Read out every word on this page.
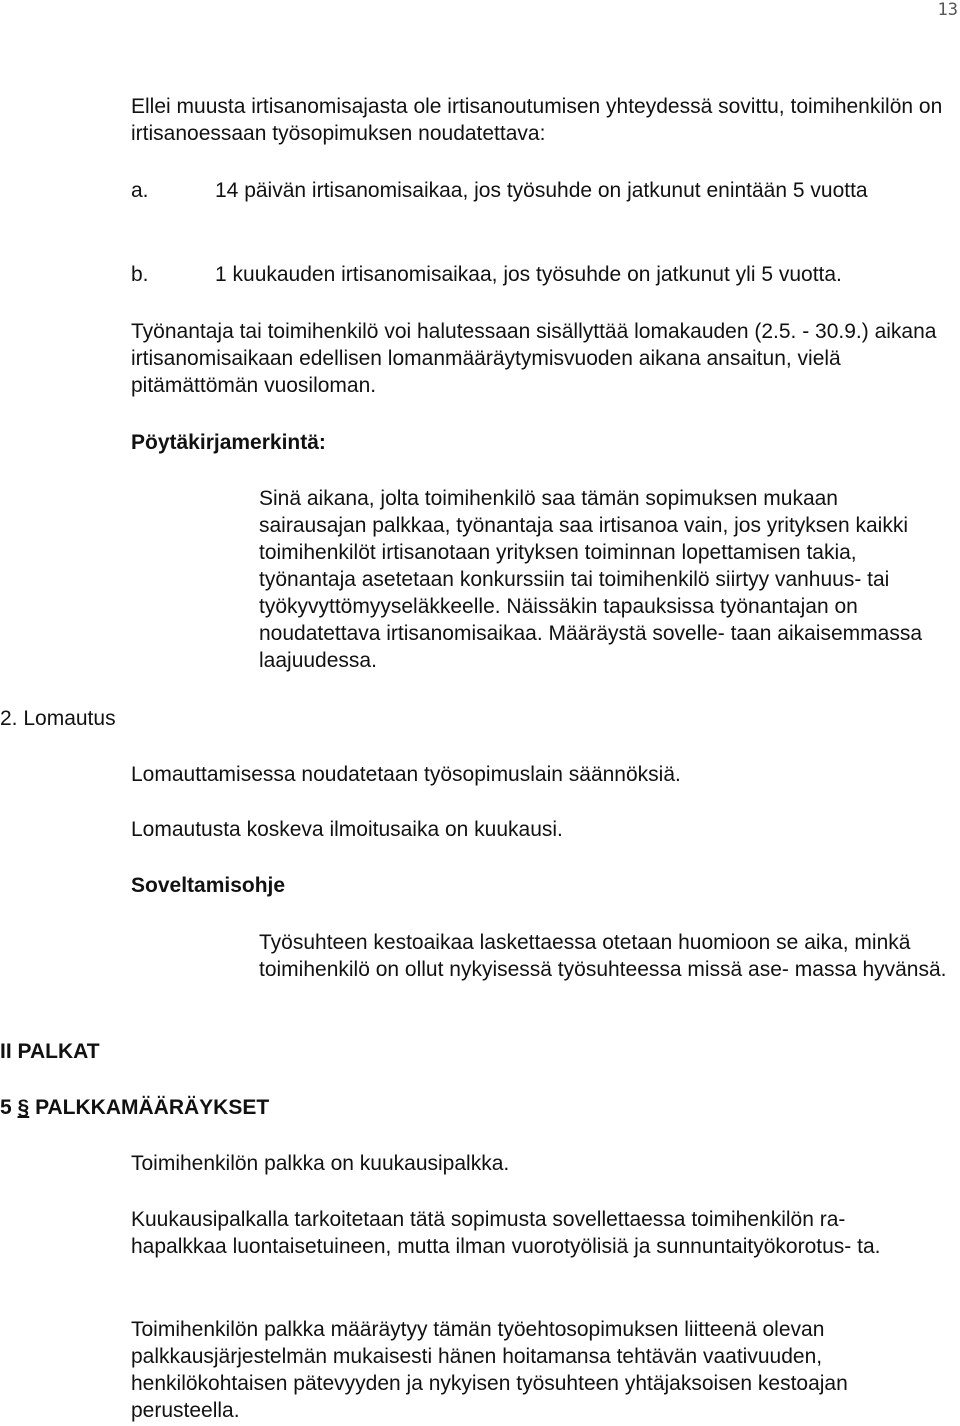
13

Ellei muusta irtisanomisajasta ole irtisanoutumisen yhteydessä sovittu, toimihenkilön on irtisanoessaan työsopimuksen noudatettava:

a.	14 päivän irtisanomisaikaa, jos työsuhde on jatkunut enintään 5 vuotta
b.	1 kuukauden irtisanomisaikaa, jos työsuhde on jatkunut yli 5 vuotta.

Työnantaja tai toimihenkilö voi halutessaan sisällyttää lomakauden (2.5. - 30.9.) aikana irtisanomisaikaan edellisen lomanmääräytymisvuoden aikana ansaitun, vielä pitämättömän vuosiloman.

Pöytäkirjamerkintä:

Sinä aikana, jolta toimihenkilö saa tämän sopimuksen mukaan sairausajan palkkaa, työnantaja saa irtisanoa vain, jos yrityksen kaikki toimihenkilöt irtisanotaan yrityksen toiminnan lopettamisen takia, työnantaja asetetaan konkurssiin tai toimihenkilö siirtyy vanhuus- tai työkyvyttömyyseläkkeelle. Näissäkin tapauksissa työnantajan on noudatettava irtisanomisaikaa. Määräystä sovelle- taan aikaisemmassa laajuudessa.

2. Lomautus

Lomauttamisessa noudatetaan työsopimuslain säännöksiä.

Lomautusta koskeva ilmoitusaika on kuukausi.

Soveltamisohje

Työsuhteen kestoaikaa laskettaessa otetaan huomioon se aika, minkä toimihenkilö on ollut nykyisessä työsuhteessa missä ase- massa hyvänsä.

II PALKAT

5 § PALKKAMÄÄRÄYKSET

Toimihenkilön palkka on kuukausipalkka.

Kuukausipalkalla tarkoitetaan tätä sopimusta sovellettaessa toimihenkilön ra- hapalkkaa luontaisetuineen, mutta ilman vuorotyölisiä ja sunnuntaityökorotus- ta.

Toimihenkilön palkka määräytyy tämän työehtosopimuksen liitteenä olevan palkkausjärjestelmän mukaisesti hänen hoitamansa tehtävän vaativuuden, henkilökohtaisen pätevyyden ja nykyisen työsuhteen yhtäjaksoisen kestoajan perusteella.
